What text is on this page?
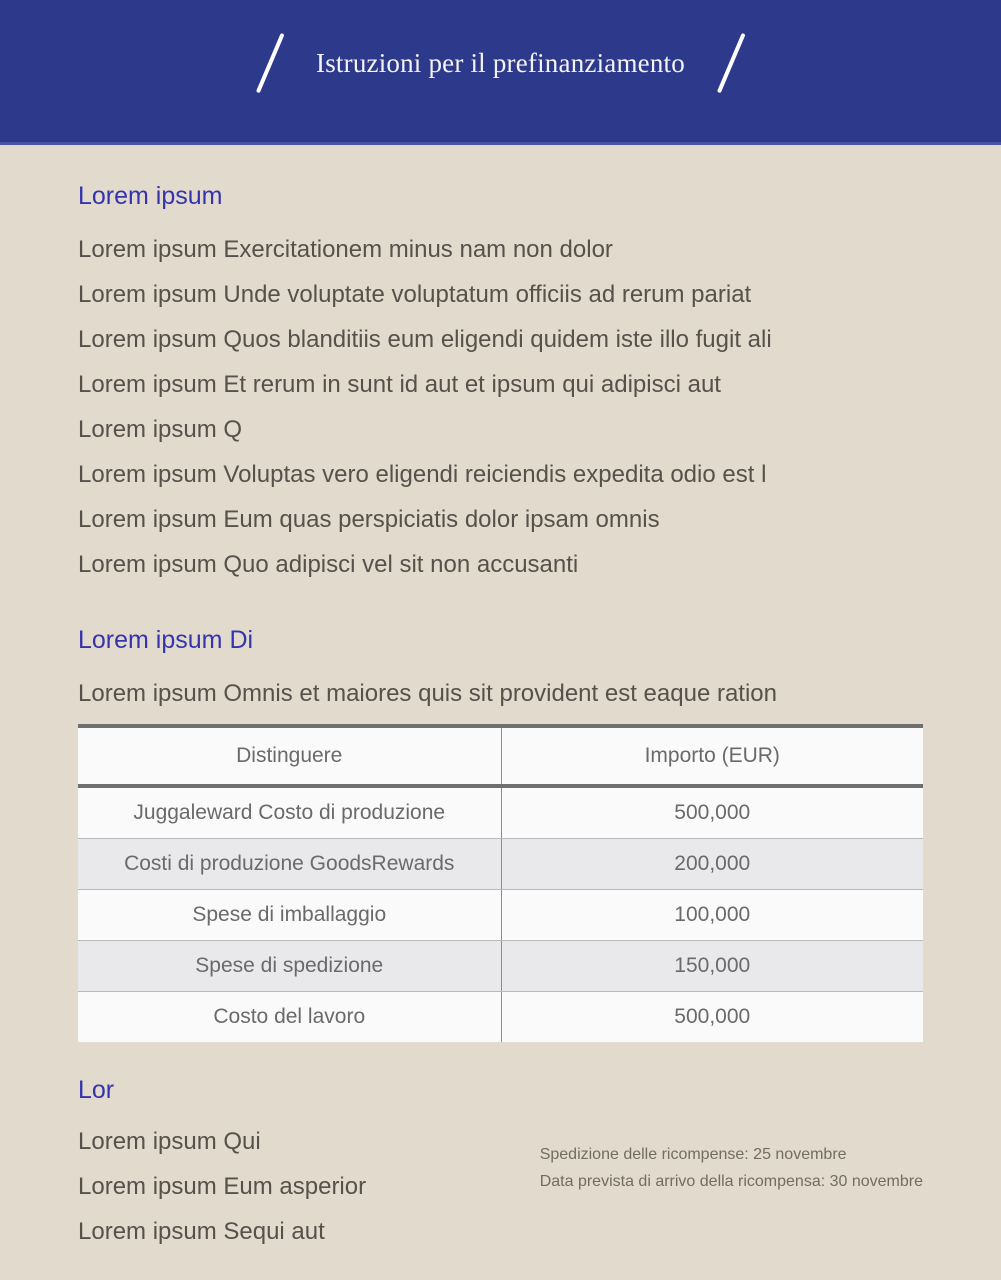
Istruzioni per il prefinanziamento
Lorem ipsum
Lorem ipsum Exercitationem minus nam non dolor
Lorem ipsum Unde voluptate voluptatum officiis ad rerum pariat
Lorem ipsum Quos blanditiis eum eligendi quidem iste illo fugit ali
Lorem ipsum Et rerum in sunt id aut et ipsum qui adipisci aut
Lorem ipsum Q
Lorem ipsum Voluptas vero eligendi reiciendis expedita odio est l
Lorem ipsum Eum quas perspiciatis dolor ipsam omnis
Lorem ipsum Quo adipisci vel sit non accusanti
Lorem ipsum Di
Lorem ipsum Omnis et maiores quis sit provident est eaque ration
Distinguere	Importo (EUR)
Juggaleward Costo di produzione	500,000
Costi di produzione GoodsRewards	200,000
Spese di imballaggio	100,000
Spese di spedizione	150,000
Costo del lavoro	500,000
Lor
Lorem ipsum Qui
Lorem ipsum Eum asperior
Lorem ipsum Sequi aut
Spedizione delle ricompense: 25 novembre
Data prevista di arrivo della ricompensa: 30 novembre
